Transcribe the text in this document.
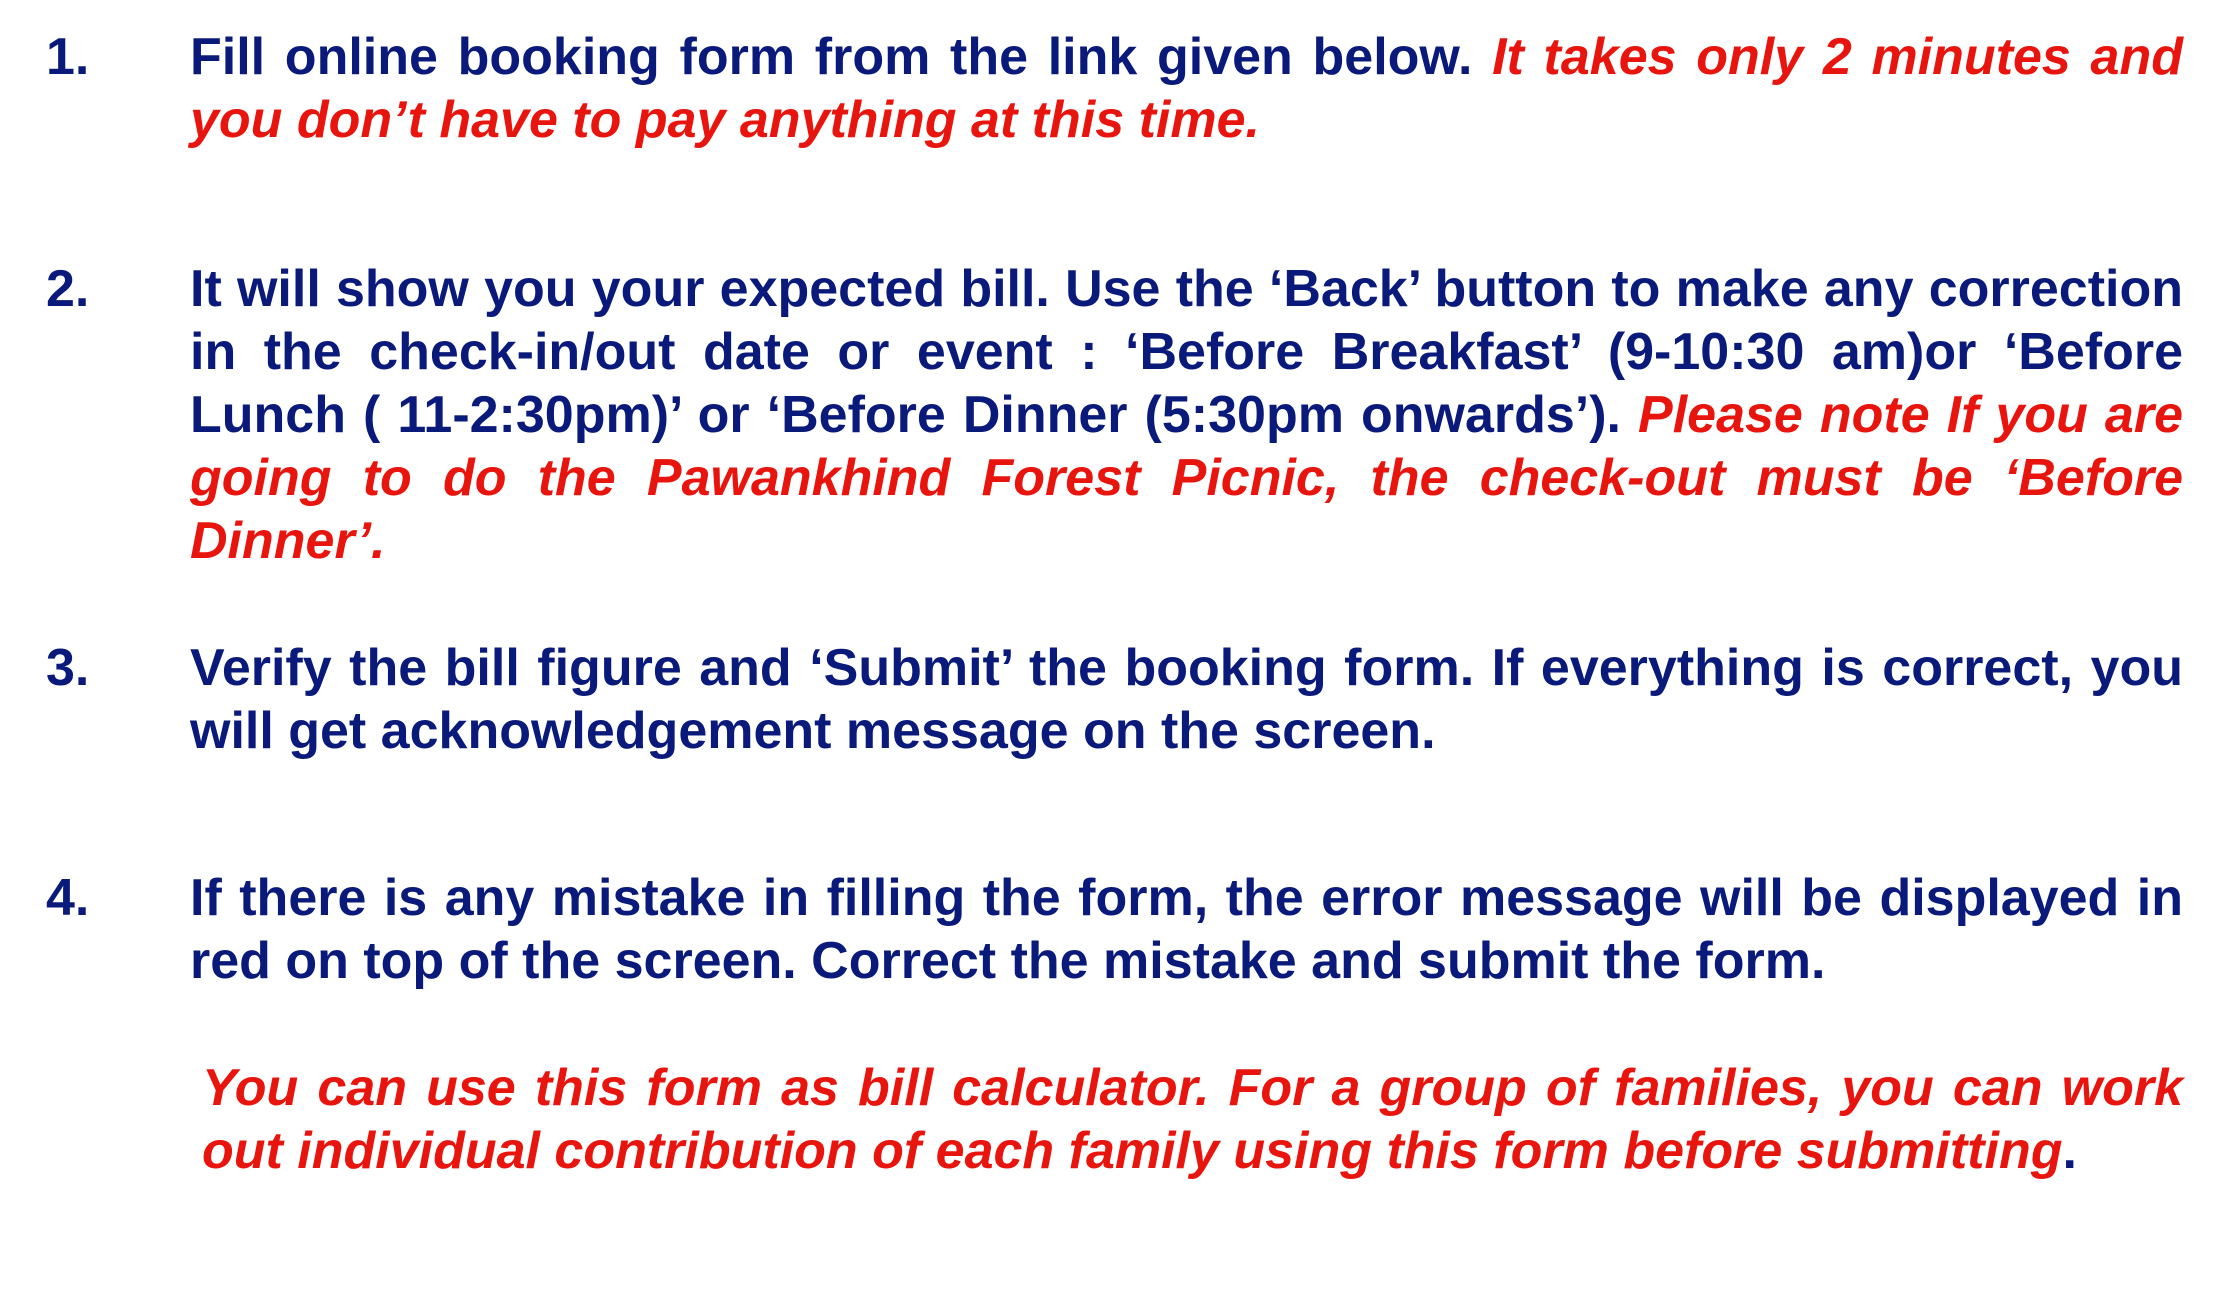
1.	Fill online booking form from the link given below. It takes only 2 minutes and you don’t have to pay anything at this time.
2.	It will show you your expected bill. Use the ‘Back’ button to make any correction in the check-in/out date or event : ‘Before Breakfast’ (9-10:30 am)or ‘Before Lunch ( 11-2:30pm)’ or ‘Before Dinner (5:30pm onwards’). Please note If you are going to do the Pawankhind Forest Picnic, the check-out must be ‘Before Dinner’.
3.	Verify the bill figure and ‘Submit’ the booking form. If everything is correct, you will get acknowledgement message on the screen.
4.	If there is any mistake in filling the form, the error message will be displayed in red on top of the screen. Correct the mistake and submit the form.
You can use this form as bill calculator. For a group of families, you can work out individual contribution of each family using this form before submitting.
